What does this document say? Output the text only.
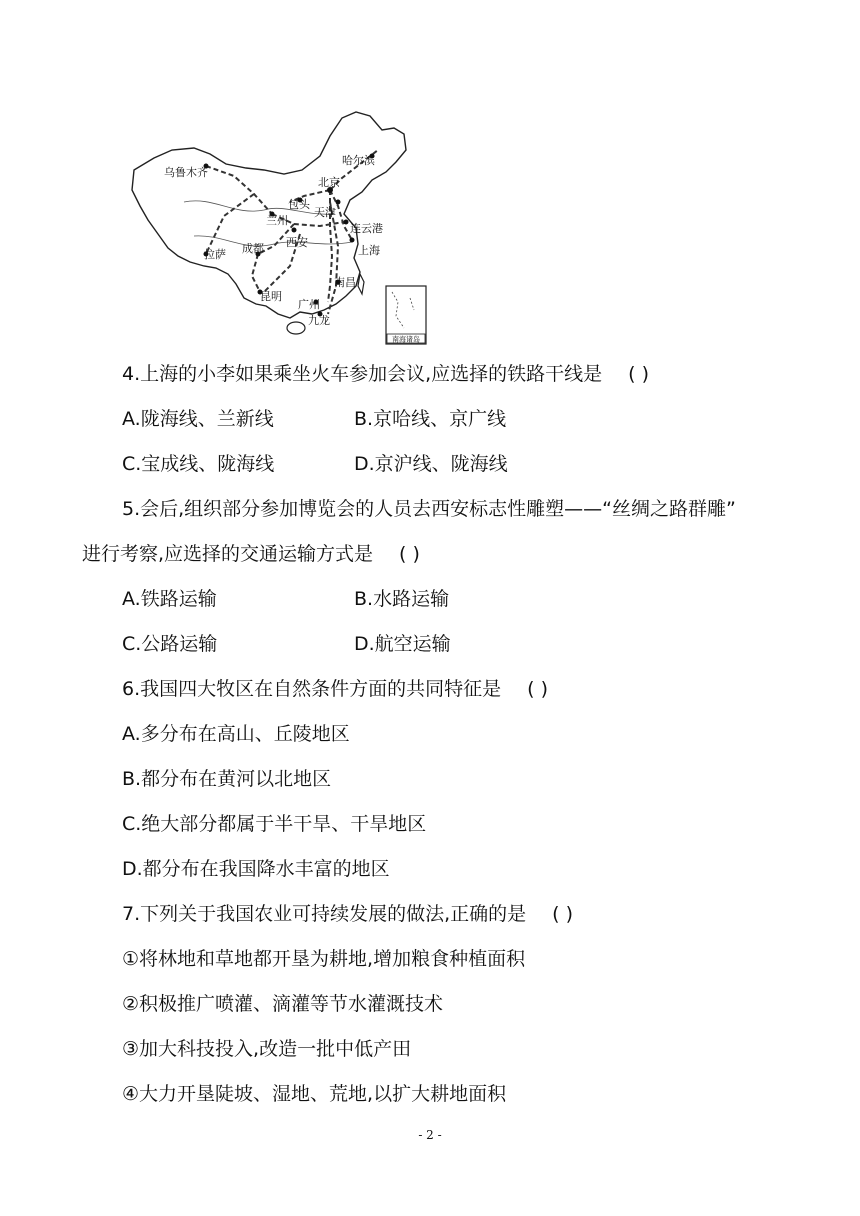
乌鲁木齐
哈尔滨
北京
包头
天津
兰州
连云港
拉萨 成都 西安
上海
昆明
南昌
广州
九龙
南海诸岛
4.上海的小李如果乘坐火车参加会议,应选择的铁路干线是 ( )
A.陇海线、兰新线	B.京哈线、京广线
C.宝成线、陇海线	D.京沪线、陇海线
5.会后,组织部分参加博览会的人员去西安标志性雕塑——“丝绸之路群雕”
进行考察,应选择的交通运输方式是 ( )
A.铁路运输	B.水路运输
C.公路运输	D.航空运输
6.我国四大牧区在自然条件方面的共同特征是 ( )
A.多分布在高山、丘陵地区
B.都分布在黄河以北地区
C.绝大部分都属于半干旱、干旱地区
D.都分布在我国降水丰富的地区
7.下列关于我国农业可持续发展的做法,正确的是 ( )
①将林地和草地都开垦为耕地,增加粮食种植面积
②积极推广喷灌、滴灌等节水灌溉技术
③加大科技投入,改造一批中低产田
④大力开垦陡坡、湿地、荒地,以扩大耕地面积
- 2 -
